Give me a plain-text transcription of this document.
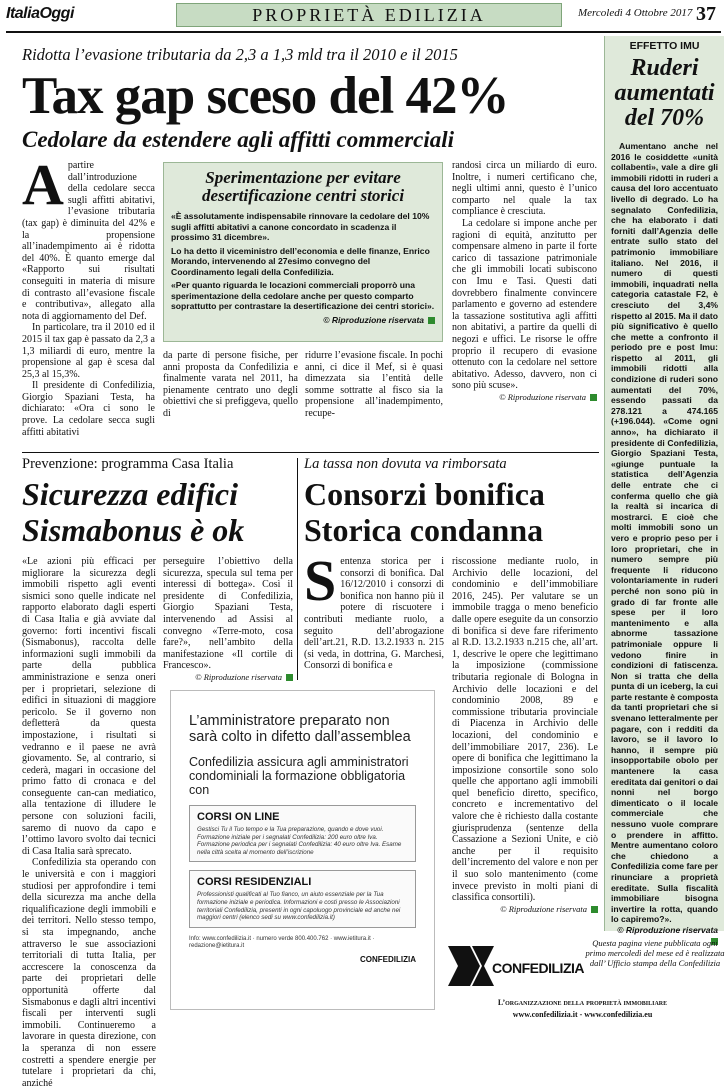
ItaliaOggi	PROPRIETÀ EDILIZIA	Mercoledì 4 Ottobre 2017 37
Ridotta l’evasione tributaria da 2,3 a 1,3 mld tra il 2010 e il 2015
Tax gap sceso del 42%
Cedolare da estendere agli affitti commerciali
A partire dall’introduzione della cedolare secca sugli affitti abitativi, l’evasione tributaria (tax gap) è diminuita del 42% e la propensione all’inadempimento ai è ridotta del 40%. È quanto emerge dal «Rapporto sui risultati conseguiti in materia di misure di contrasto all’evasione fiscale e contributiva», allegato alla nota di aggiornamento del Def.

In particolare, tra il 2010 ed il 2015 il tax gap è passato da 2,3 a 1,3 miliardi di euro, mentre la propensione al gap è scesa dal 25,3 al 15,3%.

Il presidente di Confedilizia, Giorgio Spaziani Testa, ha dichiarato: «Ora ci sono le prove. La cedolare secca sugli affitti abitativi

Sperimentazione per evitare desertificazione centri storici

«È assolutamente indispensabile rinnovare la cedolare del 10% sugli affitti abitativi a canone concordato in scadenza il prossimo 31 dicembre».

Lo ha detto il viceministro dell’economia e delle finanze, Enrico Morando, intervenendo al 27esimo convegno del Coordinamento legali della Confedilizia.

«Per quanto riguarda le locazioni commerciali proporrò una sperimentazione della cedolare anche per questo comparto soprattutto per contrastare la desertificazione dei centri storici».

© Riproduzione riservata

da parte di persone fisiche, per anni proposta da Confedilizia e finalmente varata nel 2011, ha pienamente centrato uno degli obiettivi che si prefiggeva, quello di

ridurre l’evasione fiscale. In pochi anni, ci dice il Mef, si è quasi dimezzata sia l’entità delle somme sottratte al fisco sia la propensione all’inadempimento, recupe-

randosi circa un miliardo di euro. Inoltre, i numeri certificano che, negli ultimi anni, questo è l’unico comparto nel quale la tax compliance è cresciuta.

La cedolare si impone anche per ragioni di equità, anzitutto per compensare almeno in parte il forte carico di tassazione patrimoniale che gli immobili locati subiscono con Imu e Tasi. Questi dati dovrebbero finalmente convincere parlamento e governo ad estendere la tassazione sostitutiva agli affitti non abitativi, a partire da quelli di negozi e uffici. Le risorse le offre proprio il recupero di evasione ottenuto con la cedolare nel settore abitativo. Adesso, davvero, non ci sono più scuse».

© Riproduzione riservata
Prevenzione: programma Casa Italia
Sicurezza edifici
Sismabonus è ok
La tassa non dovuta va rimborsata
Consorzi bonifica
Storica condanna

«Le azioni più efficaci per migliorare la sicurezza degli immobili rispetto agli eventi sismici sono quelle indicate nel rapporto elaborato dagli esperti di Casa Italia e già avviate dal governo: forti incentivi fiscali (Sismabonus), raccolta delle informazioni sugli immobili da parte della pubblica amministrazione e senza oneri per i proprietari, selezione di edifici in situazioni di maggiore pericolo. Se il governo non defletterà da questa impostazione, i risultati si vedranno e il paese ne avrà giovamento. Se, al contrario, si cederà, magari in occasione del primo fatto di cronaca e del conseguente can-can mediatico, alla tentazione di illudere le persone con soluzioni facili, saremo di nuovo da capo e l’ottimo lavoro svolto dai tecnici di Casa Italia sarà sprecato.

Confedilizia sta operando con le università e con i maggiori studiosi per approfondire i temi della sicurezza ma anche della riqualificazione degli immobili e dei territori. Nello stesso tempo, si sta impegnando, anche attraverso le sue associazioni territoriali di tutta Italia, per accrescere la conoscenza da parte dei proprietari delle opportunità offerte dal Sismabonus e dagli altri incentivi fiscali per interventi sugli immobili. Continueremo a lavorare in questa direzione, con la speranza di non essere costretti a spendere energie per tutelare i proprietari da chi, anziché

perseguire l’obiettivo della sicurezza, specula sul tema per interessi di bottega». Così il presidente di Confedilizia, Giorgio Spaziani Testa, intervenendo ad Assisi al convegno «Terre-moto, cosa fare?», nell’ambito della manifestazione «Il cortile di Francesco».

© Riproduzione riservata
S entenza storica per i consorzi di bonifica. Dal 16/12/2010 i consorzi di bonifica non hanno più il potere di riscuotere i contributi mediante ruolo, a seguito dell’abrogazione dell’art.21, R.D. 13.2.1933 n. 215 (si veda, in dottrina, G. Marchesi, Consorzi di bonifica e

riscossione mediante ruolo, in Archivio delle locazioni, del condominio e dell’immobiliare 2016, 245). Per valutare se un immobile tragga o meno beneficio dalle opere eseguite da un consorzio di bonifica si deve fare riferimento al R.D. 13.2.1933 n.215 che, all’art. 1, descrive le opere che legittimano la imposizione (commissione tributaria regionale di Bologna in Archivio delle locazioni e del condominio 2008, 89 e commissione tributaria provinciale di Piacenza in Archivio delle locazioni, del condominio e dell’immobiliare 2017, 236). Le opere di bonifica che legittimano la imposizione consortile sono solo quelle che apportano agli immobili quel beneficio diretto, specifico, concreto e incrementativo del valore che è richiesto dalla costante giurisprudenza (sentenze della Cassazione a Sezioni Unite, e ciò anche per il requisito dell’incremento del valore e non per il suo solo mantenimento (come invece previsto in molti piani di classifica consortili).

© Riproduzione riservata
L’amministratore preparato non sarà colto in difetto dall’assemblea
Confedilizia assicura agli amministratori condominiali la formazione obbligatoria con
CORSI ON LINE
Gestisci Tu il Tuo tempo e la Tua preparazione, quando e dove vuoi. Formazione iniziale per i segnalati Confedilizia: 200 euro oltre Iva. Formazione periodica per i segnalati Confedilizia: 40 euro oltre Iva. Esame nella città scelta al momento dell’iscrizione
CORSI RESIDENZIALI
Professionisti qualificati al Tuo fianco, un aiuto essenziale per la Tua formazione iniziale e periodica. Informazioni e costi presso le Associazioni territoriali Confedilizia, presenti in ogni capoluogo provinciale ed anche nei maggiori centri (elenco sedi su www.confedilizia.it)
Info: www.confedilizia.it · numero verde 800.400.762 · www.ietitura.it · redazione@ietitura.it
CONFEDILIZIA
EFFETTO IMU
Ruderi aumentati del 70%

Aumentano anche nel 2016 le cosiddette «unità collabenti», vale a dire gli immobili ridotti in ruderi a causa del loro accentuato livello di degrado. Lo ha segnalato Confedilizia, che ha elaborato i dati forniti dall’Agenzia delle entrate sullo stato del patrimonio immobiliare italiano. Nel 2016, il numero di questi immobili, inquadrati nella categoria catastale F2, è cresciuto del 3,4% rispetto al 2015. Ma il dato più significativo è quello che mette a confronto il periodo pre e post Imu: rispetto al 2011, gli immobili ridotti alla condizione di ruderi sono aumentati del 70%, essendo passati da 278.121 a 474.165 (+196.044). «Come ogni anno», ha dichiarato il presidente di Confedilizia, Giorgio Spaziani Testa, «giunge puntuale la statistica dell’Agenzia delle entrate che ci conferma quello che già la realtà si incarica di mostrarci. E cioè che molti immobili sono un vero e proprio peso per i loro proprietari, che in numero sempre più frequente li riducono volontariamente in ruderi perché non sono più in grado di far fronte alle spese per il loro mantenimento e alla abnorme tassazione patrimoniale oppure li vedono finire in condizioni di fatiscenza. Non si tratta che della punta di un iceberg, la cui parte restante è composta da tanti proprietari che si svenano letteralmente per pagare, con i redditi da lavoro, se il lavoro lo hanno, il sempre più insopportabile obolo per mantenere la casa ereditata dai genitori o dai nonni nel borgo dimenticato o il locale commerciale che nessuno vuole comprare o prendere in affitto. Mentre aumentano coloro che chiedono a Confedilizia come fare per rinunciare a proprietà ereditate. Sulla fiscalità immobiliare bisogna invertire la rotta, quando lo capiremo?».

© Riproduzione riservata
CONFEDILIZIA
Questa pagina viene pubblicata ogni primo mercoledì del mese ed è realizzata dall’ Ufficio stampa della Confedilizia
L’organizzazione della proprietà immobiliare
www.confedilizia.it - www.confedilizia.eu
